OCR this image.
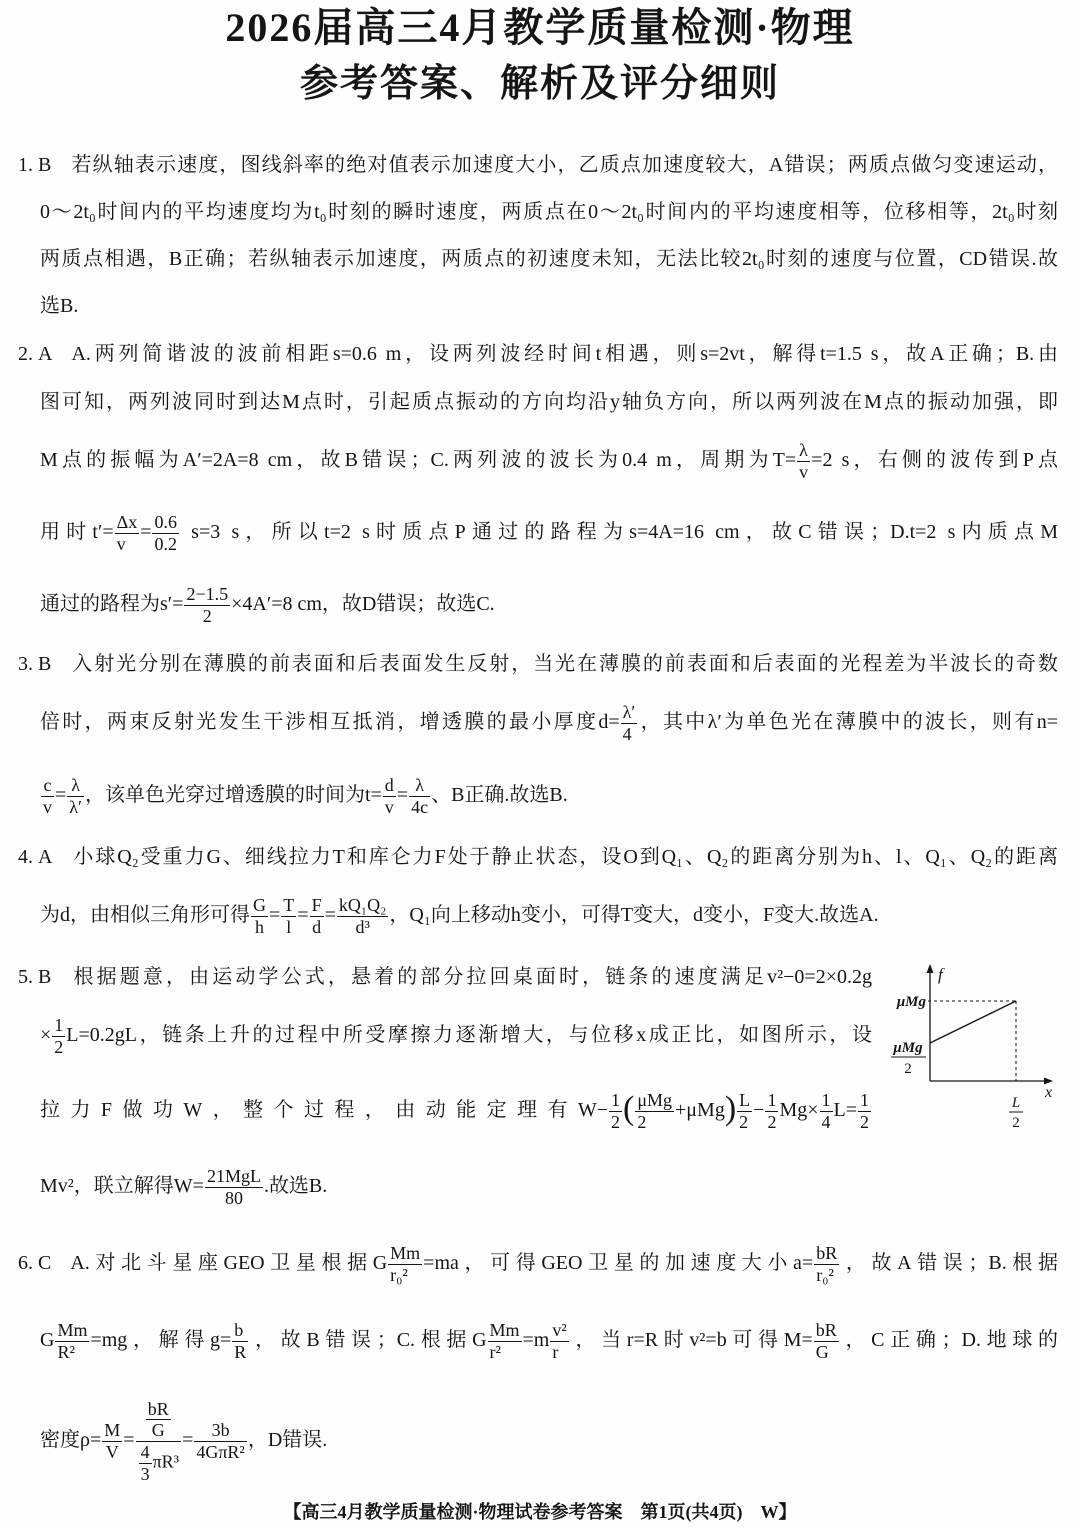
2026届高三4月教学质量检测·物理
参考答案、解析及评分细则
1. B 若纵轴表示速度，图线斜率的绝对值表示加速度大小，乙质点加速度较大，A错误；两质点做匀变速运动，
0～2t₀时间内的平均速度均为t₀时刻的瞬时速度，两质点在0～2t₀时间内的平均速度相等，位移相等，2t₀时刻
两质点相遇，B正确；若纵轴表示加速度，两质点的初速度未知，无法比较2t₀时刻的速度与位置，CD错误.故
选B.
2. A A.两列简谐波的波前相距s=0.6 m，设两列波经时间t相遇，则s=2vt，解得t=1.5 s，故A正确；B.由
图可知，两列波同时到达M点时，引起质点振动的方向均沿y轴负方向，所以两列波在M点的振动加强，即
M点的振幅为A′=2A=8 cm，故B错误；C.两列波的波长为0.4 m，周期为$T= \frac{\lambda}{v} =2$ s，右侧的波传到P点
用时$t'= \frac{\Delta x}{v} = \frac{0.6}{0.2} s=3$ s，所以t=2 s时质点P通过的路程为s=4A=16 cm，故C错误；D.t=2 s内质点M
通过的路程为$s'= \frac{2-1.5}{2} \times 4A'=8$ cm，故D错误；故选C.
3. B 入射光分别在薄膜的前表面和后表面发生反射，当光在薄膜的前表面和后表面的光程差为半波长的奇数
倍时，两束反射光发生干涉相互抵消，增透膜的最小厚度$d= \frac{\lambda'}{4}$ ，其中λ′为单色光在薄膜中的波长，则有n=
$\frac{c}{v} = \frac{\lambda}{\lambda'}$ ，该单色光穿过增透膜的时间为$t= \frac{d}{v} = \frac{\lambda}{4c}$ 、B正确.故选B.
4. A 小球Q₂受重力G、细线拉力T和库仑力F处于静止状态，设O到Q₁、Q₂的距离分别为h、l、Q₁、Q₂的距离
为d，由相似三角形可得 $\frac{G}{h} = \frac{T}{l} = \frac{F}{d} = \frac{\text{kQ₁Q₂}}{\text{d³}}$ ，Q₁向上移动h变小，可得T变大，d变小，F变大.故选A.
5. B 根据题意，由运动学公式，悬着的部分拉回桌面时，链条的速度满足v²−0=2×0.2g
× $\frac{1}{2} L=0.2gL$，链条上升的过程中所受摩擦力逐渐增大，与位移x成正比，如图所示，设
拉力F做功W，整个过程，由动能定理有$W- \frac{1}{2}$ ( $\frac{\text{μMg}}{2} +\mu Mg) \frac{L}{2} - \frac{1}{2} Mg\times \frac{1}{4} L= \frac{1}{2}$
Mv²，联立解得$W= \frac{\text{21MgL}}{80}$ .故选B.
6. C A.对北斗星座GEO卫星根据G $\frac{Mm}{\text{r₀²}} =ma$，可得GEO卫星的加速度大小$a= \frac{bR}{\text{r₀²}}$ ，故A错误；B.根据
G $\frac{Mm}{\text{R²}} =mg$，解得$g= \frac{b}{R}$ ，故B错误；C.根据G $\frac{Mm}{\text{r²}} =m \frac{\text{v²}}{r}$ ，当r=R时v²=b可得$M= \frac{bR}{G}$ ，C正确；D.地球的
密度$\rho= \frac{M}{V} = \frac{\frac{bR}{G}}{\frac{4}{3} \pi R^3} = \frac{3b}{\text{4GπR²}}$ ，D错误.
f
x
μMg
μMg
2
L
2
【高三4月教学质量检测·物理试卷参考答案　第1页(共4页)　W】
